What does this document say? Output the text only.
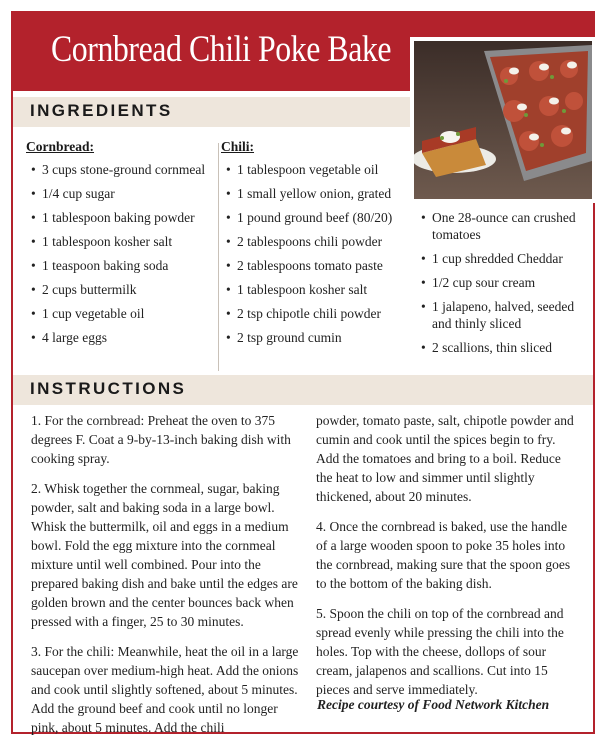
Cornbread Chili Poke Bake
INGREDIENTS
Cornbread:
• 3 cups stone-ground cornmeal
• 1/4 cup sugar
• 1 tablespoon baking powder
• 1 tablespoon kosher salt
• 1 teaspoon baking soda
• 2 cups buttermilk
• 1 cup vegetable oil
• 4 large eggs
Chili:
• 1 tablespoon vegetable oil
• 1 small yellow onion, grated
• 1 pound ground beef (80/20)
• 2 tablespoons chili powder
• 2 tablespoons tomato paste
• 1 tablespoon kosher salt
• 2 tsp chipotle chili powder
• 2 tsp ground cumin
• One 28-ounce can crushed tomatoes
• 1 cup shredded Cheddar
• 1/2 cup sour cream
• 1 jalapeno, halved, seeded and thinly sliced
• 2 scallions, thin sliced
INSTRUCTIONS

1. For the cornbread: Preheat the oven to 375 degrees F. Coat a 9-by-13-inch baking dish with cooking spray.

2. Whisk together the cornmeal, sugar, baking powder, salt and baking soda in a large bowl. Whisk the buttermilk, oil and eggs in a medium bowl. Fold the egg mixture into the cornmeal mixture until well combined. Pour into the prepared baking dish and bake until the edges are golden brown and the center bounces back when pressed with a finger, 25 to 30 minutes.

3. For the chili: Meanwhile, heat the oil in a large saucepan over medium-high heat. Add the onions and cook until slightly softened, about 5 minutes. Add the ground beef and cook until no longer pink, about 5 minutes. Add the chili

powder, tomato paste, salt, chipotle powder and cumin and cook until the spices begin to fry. Add the tomatoes and bring to a boil. Reduce the heat to low and simmer until slightly thickened, about 20 minutes.

4. Once the cornbread is baked, use the handle of a large wooden spoon to poke 35 holes into the cornbread, making sure that the spoon goes to the bottom of the baking dish.

5. Spoon the chili on top of the cornbread and spread evenly while pressing the chili into the holes. Top with the cheese, dollops of sour cream, jalapenos and scallions. Cut into 15 pieces and serve immediately.

Recipe courtesy of Food Network Kitchen
